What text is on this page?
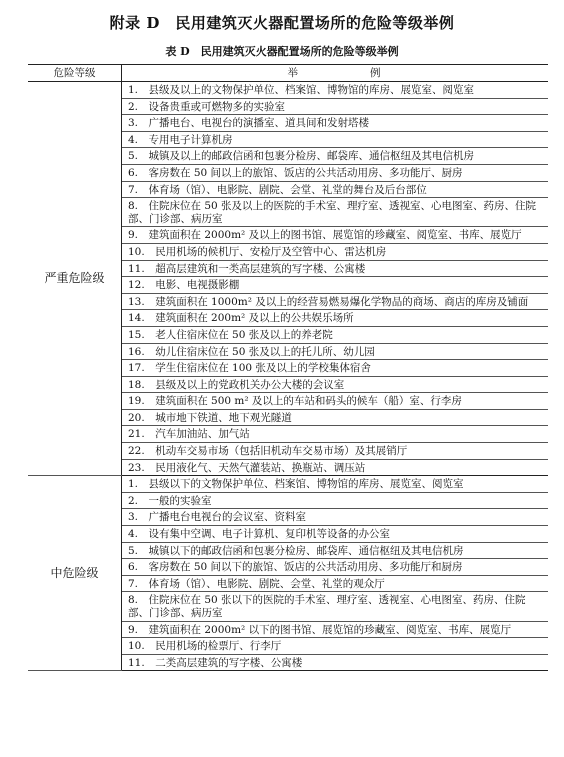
附录 D　民用建筑灭火器配置场所的危险等级举例
表 D　民用建筑灭火器配置场所的危险等级举例
危险等级	举 例
严重危险级	1.　县级及以上的文物保护单位、档案馆、博物馆的库房、展览室、阅览室
	2.　设备贵重或可燃物多的实验室
	3.　广播电台、电视台的演播室、道具间和发射塔楼
	4.　专用电子计算机房
	5.　城镇及以上的邮政信函和包裹分检房、邮袋库、通信枢纽及其电信机房
	6.　客房数在 50 间以上的旅馆、饭店的公共活动用房、多功能厅、厨房
	7.　体育场（馆）、电影院、剧院、会堂、礼堂的舞台及后台部位
	8.　住院床位在 50 张及以上的医院的手术室、理疗室、透视室、心电图室、药房、住院部、门诊部、病历室
	9.　建筑面积在 2000m² 及以上的图书馆、展览馆的珍藏室、阅览室、书库、展览厅
	10.　民用机场的候机厅、安检厅及空管中心、雷达机房
	11.　超高层建筑和一类高层建筑的写字楼、公寓楼
	12.　电影、电视摄影棚
	13.　建筑面积在 1000m² 及以上的经营易燃易爆化学物品的商场、商店的库房及铺面
	14.　建筑面积在 200m² 及以上的公共娱乐场所
	15.　老人住宿床位在 50 张及以上的养老院
	16.　幼儿住宿床位在 50 张及以上的托儿所、幼儿园
	17.　学生住宿床位在 100 张及以上的学校集体宿舍
	18.　县级及以上的党政机关办公大楼的会议室
	19.　建筑面积在 500 m² 及以上的车站和码头的候车（船）室、行李房
	20.　城市地下铁道、地下观光隧道
	21.　汽车加油站、加气站
	22.　机动车交易市场（包括旧机动车交易市场）及其展销厅
	23.　民用液化气、天然气灌装站、换瓶站、调压站
中危险级	1.　县级以下的文物保护单位、档案馆、博物馆的库房、展览室、阅览室
	2.　一般的实验室
	3.　广播电台电视台的会议室、资料室
	4.　设有集中空调、电子计算机、复印机等设备的办公室
	5.　城镇以下的邮政信函和包裹分检房、邮袋库、通信枢纽及其电信机房
	6.　客房数在 50 间以下的旅馆、饭店的公共活动用房、多功能厅和厨房
	7.　体育场（馆）、电影院、剧院、会堂、礼堂的观众厅
	8.　住院床位在 50 张以下的医院的手术室、理疗室、透视室、心电图室、药房、住院部、门诊部、病历室
	9.　建筑面积在 2000m² 以下的图书馆、展览馆的珍藏室、阅览室、书库、展览厅
	10.　民用机场的检票厅、行李厅
	11.　二类高层建筑的写字楼、公寓楼
